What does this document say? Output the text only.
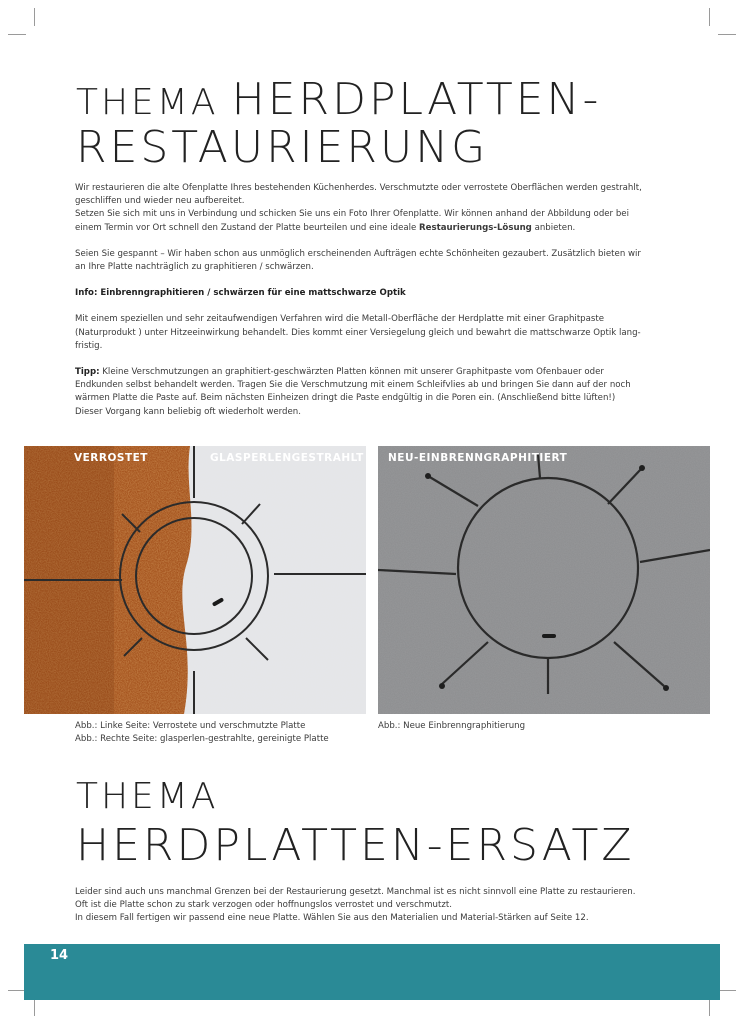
THEMA HERDPLATTEN-
RESTAURIERUNG

Wir restaurieren die alte Ofenplatte Ihres bestehenden Küchenherdes. Verschmutzte oder verrostete Oberflächen werden gestrahlt,

geschliffen und wieder neu aufbereitet.

Setzen Sie sich mit uns in Verbindung und schicken Sie uns ein Foto Ihrer Ofenplatte. Wir können anhand der Abbildung oder bei

einem Termin vor Ort schnell den Zustand der Platte beurteilen und eine ideale Restaurierungs-Lösung anbieten.

Seien Sie gespannt – Wir haben schon aus unmöglich erscheinenden Aufträgen echte Schönheiten gezaubert. Zusätzlich bieten wir

an Ihre Platte nachträglich zu graphitieren / schwärzen.

Info: Einbrenngraphitieren / schwärzen für eine mattschwarze Optik

Mit einem speziellen und sehr zeitaufwendigen Verfahren wird die Metall-Oberfläche der Herdplatte mit einer Graphitpaste

(Naturprodukt ) unter Hitzeeinwirkung behandelt. Dies kommt einer Versiegelung gleich und bewahrt die mattschwarze Optik lang-

fristig.

Tipp: Kleine Verschmutzungen an graphitiert-geschwärzten Platten können mit unserer Graphitpaste vom Ofenbauer oder

Endkunden selbst behandelt werden. Tragen Sie die Verschmutzung mit einem Schleifvlies ab und bringen Sie dann auf der noch

wärmen Platte die Paste auf. Beim nächsten Einheizen dringt die Paste endgültig in die Poren ein. (Anschließend bitte lüften!)

Dieser Vorgang kann beliebig oft wiederholt werden.

VERROSTET	GLASPERLENGESTRAHLT NEU-EINBRENNGRAPHITIERT

Abb.: Linke Seite: Verrostete und verschmutzte Platte

Abb.: Rechte Seite: glasperlen-gestrahlte, gereinigte Platte

Abb.: Neue Einbrenngraphitierung

THEMA
HERDPLATTEN-ERSATZ

Leider sind auch uns manchmal Grenzen bei der Restaurierung gesetzt. Manchmal ist es nicht sinnvoll eine Platte zu restaurieren.

Oft ist die Platte schon zu stark verzogen oder hoffnungslos verrostet und verschmutzt.

In diesem Fall fertigen wir passend eine neue Platte. Wählen Sie aus den Materialien und Material-Stärken auf Seite 12.

14
